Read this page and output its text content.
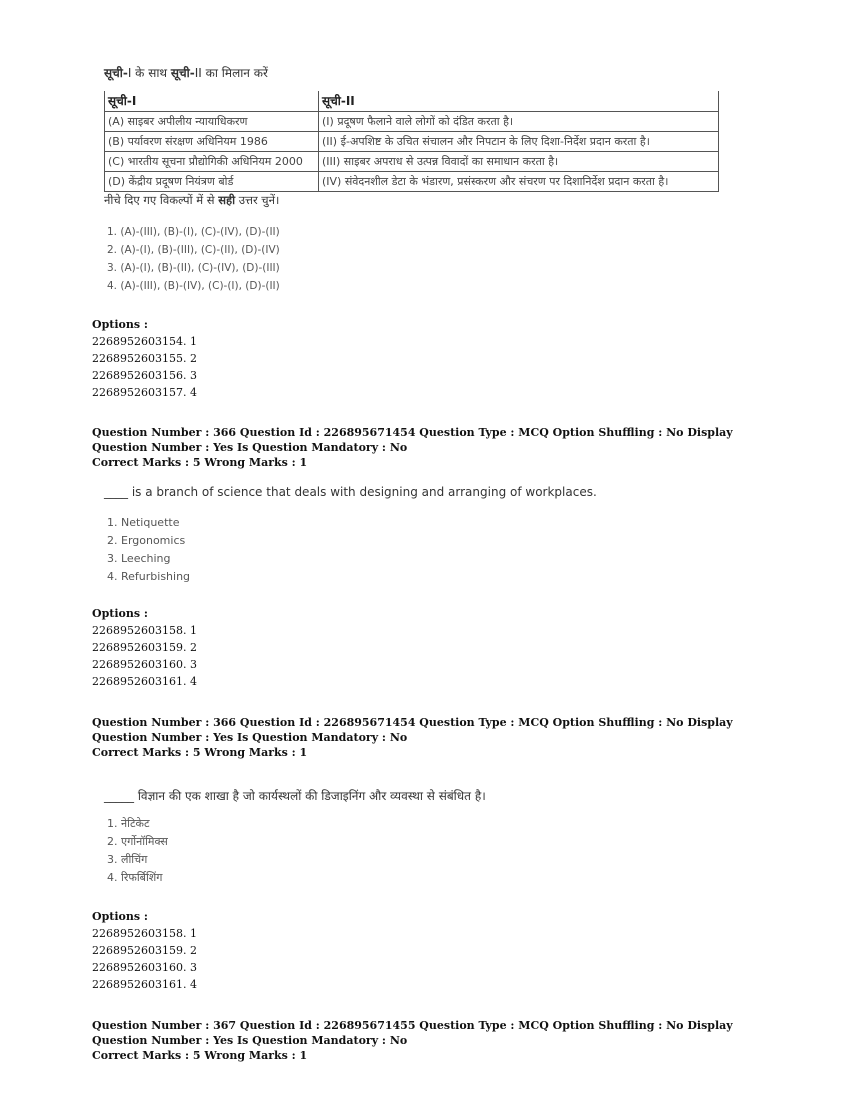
सूची-I के साथ सूची-II का मिलान करें
सूची-I	सूची-II
(A) साइबर अपीलीय न्यायाधिकरण	(I) प्रदूषण फैलाने वाले लोगों को दंडित करता है।
(B) पर्यावरण संरक्षण अधिनियम 1986	(II) ई-अपशिष्ट के उचित संचालन और निपटान के लिए दिशा-निर्देश प्रदान करता है।
(C) भारतीय सूचना प्रौद्योगिकी अधिनियम 2000	(III) साइबर अपराध से उत्पन्न विवादों का समाधान करता है।
(D) केंद्रीय प्रदूषण नियंत्रण बोर्ड	(IV) संवेदनशील डेटा के भंडारण, प्रसंस्करण और संचरण पर दिशानिर्देश प्रदान करता है।
नीचे दिए गए विकल्पों में से सही उत्तर चुनें।
1. (A)-(III), (B)-(I), (C)-(IV), (D)-(II)
2. (A)-(I), (B)-(III), (C)-(II), (D)-(IV)
3. (A)-(I), (B)-(II), (C)-(IV), (D)-(III)
4. (A)-(III), (B)-(IV), (C)-(I), (D)-(II)
Options :
2268952603154. 1
2268952603155. 2
2268952603156. 3
2268952603157. 4
Question Number : 366 Question Id : 226895671454 Question Type : MCQ Option Shuffling : No Display Question Number : Yes Is Question Mandatory : No
Correct Marks : 5 Wrong Marks : 1
____ is a branch of science that deals with designing and arranging of workplaces.
1. Netiquette
2. Ergonomics
3. Leeching
4. Refurbishing
Options :
2268952603158. 1
2268952603159. 2
2268952603160. 3
2268952603161. 4
Question Number : 366 Question Id : 226895671454 Question Type : MCQ Option Shuffling : No Display Question Number : Yes Is Question Mandatory : No
Correct Marks : 5 Wrong Marks : 1
_____ विज्ञान की एक शाखा है जो कार्यस्थलों की डिजाइनिंग और व्यवस्था से संबंधित है।
1. नेटिकेट
2. एर्गोनॉमिक्स
3. लीचिंग
4. रिफर्बिशिंग
Options :
2268952603158. 1
2268952603159. 2
2268952603160. 3
2268952603161. 4
Question Number : 367 Question Id : 226895671455 Question Type : MCQ Option Shuffling : No Display Question Number : Yes Is Question Mandatory : No
Correct Marks : 5 Wrong Marks : 1
